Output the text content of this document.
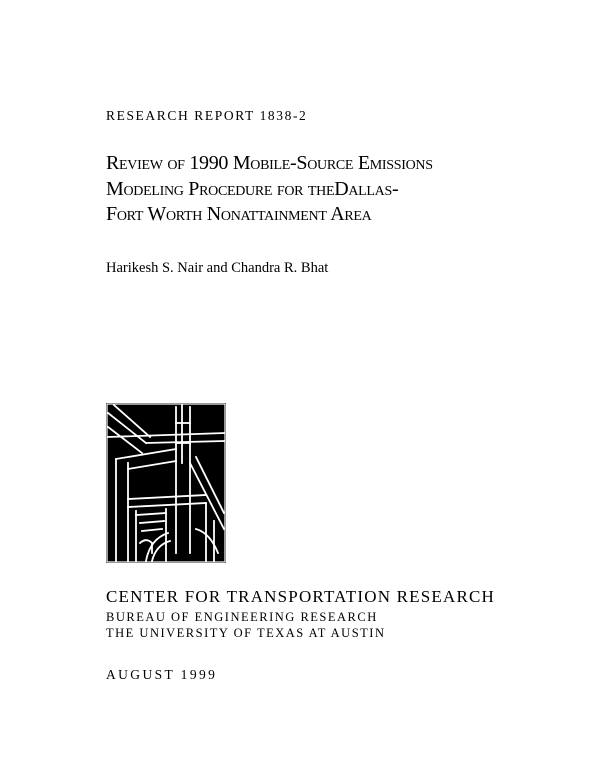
RESEARCH REPORT 1838-2
Review of 1990 Mobile-Source Emissions
Modeling Procedure for theDallas-
Fort Worth Nonattainment Area
Harikesh S. Nair and Chandra R. Bhat
CENTER FOR TRANSPORTATION RESEARCH
BUREAU OF ENGINEERING RESEARCH
THE UNIVERSITY OF TEXAS AT AUSTIN
AUGUST 1999
